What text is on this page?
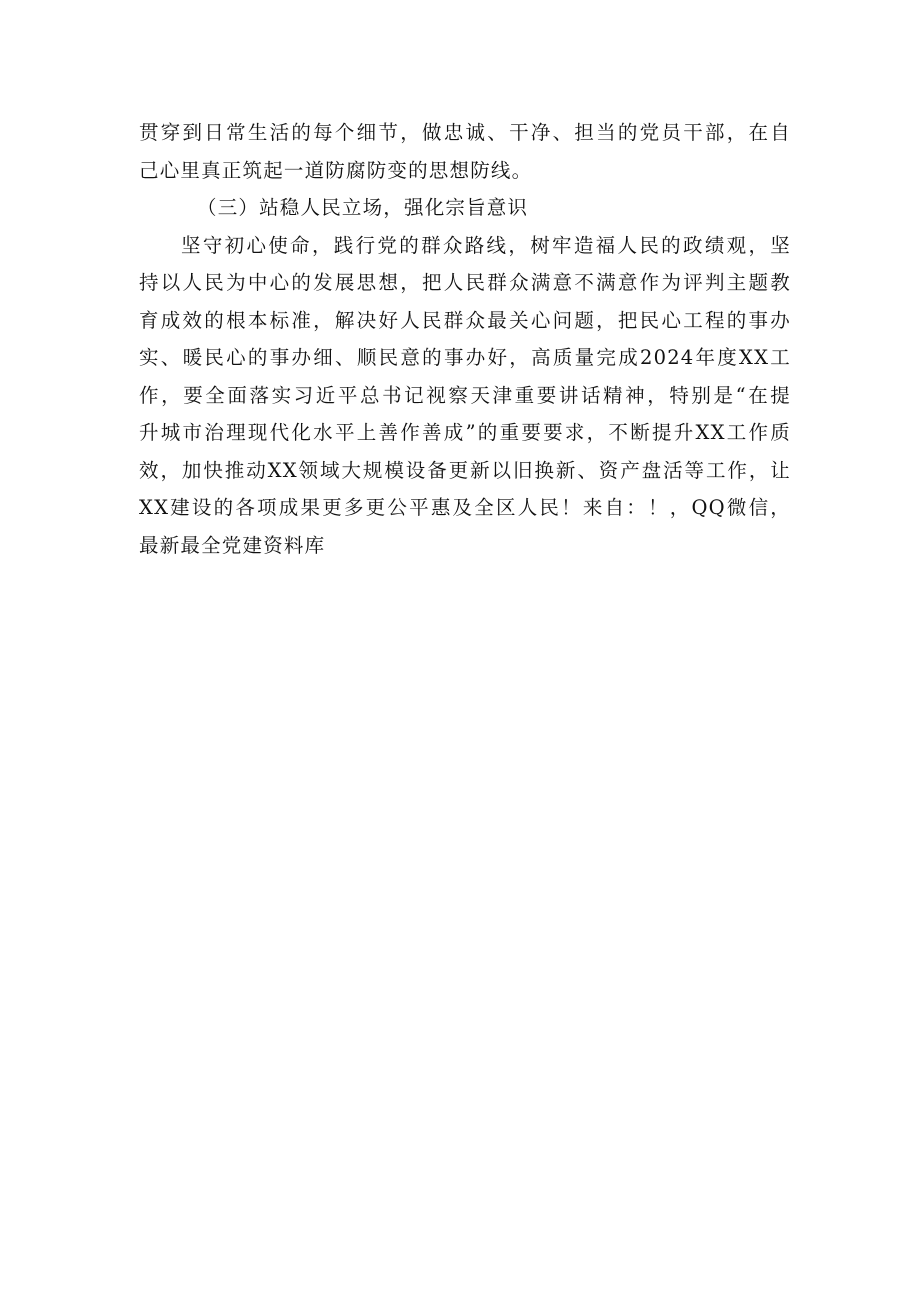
贯穿到日常生活的每个细节，做忠诚、干净、担当的党员干部，在自
己心里真正筑起一道防腐防变的思想防线。
（三）站稳人民立场，强化宗旨意识
坚守初心使命，践行党的群众路线，树牢造福人民的政绩观，坚
持以人民为中心的发展思想，把人民群众满意不满意作为评判主题教
育成效的根本标准，解决好人民群众最关心问题，把民心工程的事办
实、暖民心的事办细、顺民意的事办好，高质量完成2024年度XX工
作，要全面落实习近平总书记视察天津重要讲话精神，特别是“在提
升城市治理现代化水平上善作善成”的重要要求，不断提升XX工作质
效，加快推动XX领域大规模设备更新以旧换新、资产盘活等工作，让
XX建设的各项成果更多更公平惠及全区人民！来自：！，QQ微信，
最新最全党建资料库
